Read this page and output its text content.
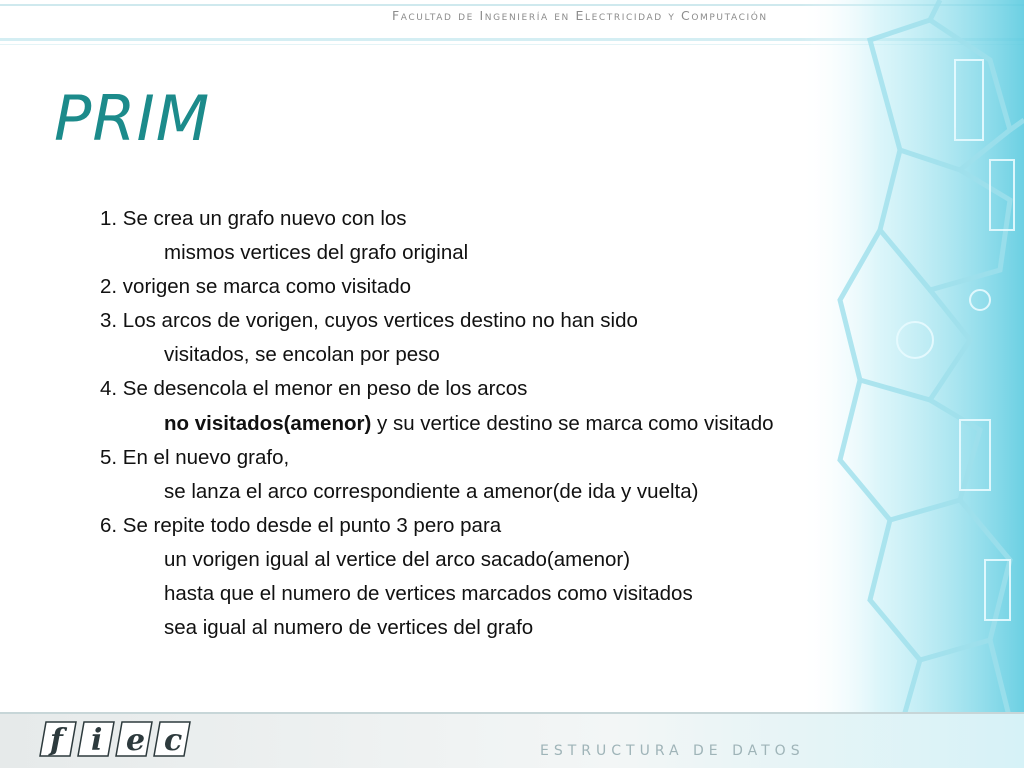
Facultad de Ingeniería en Electricidad y Computación
PRIM
1. Se crea un grafo nuevo con los
mismos vertices del grafo original
2. vorigen se marca como visitado
3. Los arcos de vorigen, cuyos vertices destino no han sido
visitados, se encolan por peso
4. Se desencola el menor en peso de los arcos
no visitados(amenor) y su vertice destino se marca como visitado
5. En el nuevo grafo,
se lanza el arco correspondiente a amenor(de ida y vuelta)
6. Se repite todo desde el punto 3 pero para
un vorigen igual al vertice del arco sacado(amenor)
hasta que el numero de vertices marcados como visitados
sea igual al numero de vertices del grafo
f i e c	ESTRUCTURA DE DATOS
